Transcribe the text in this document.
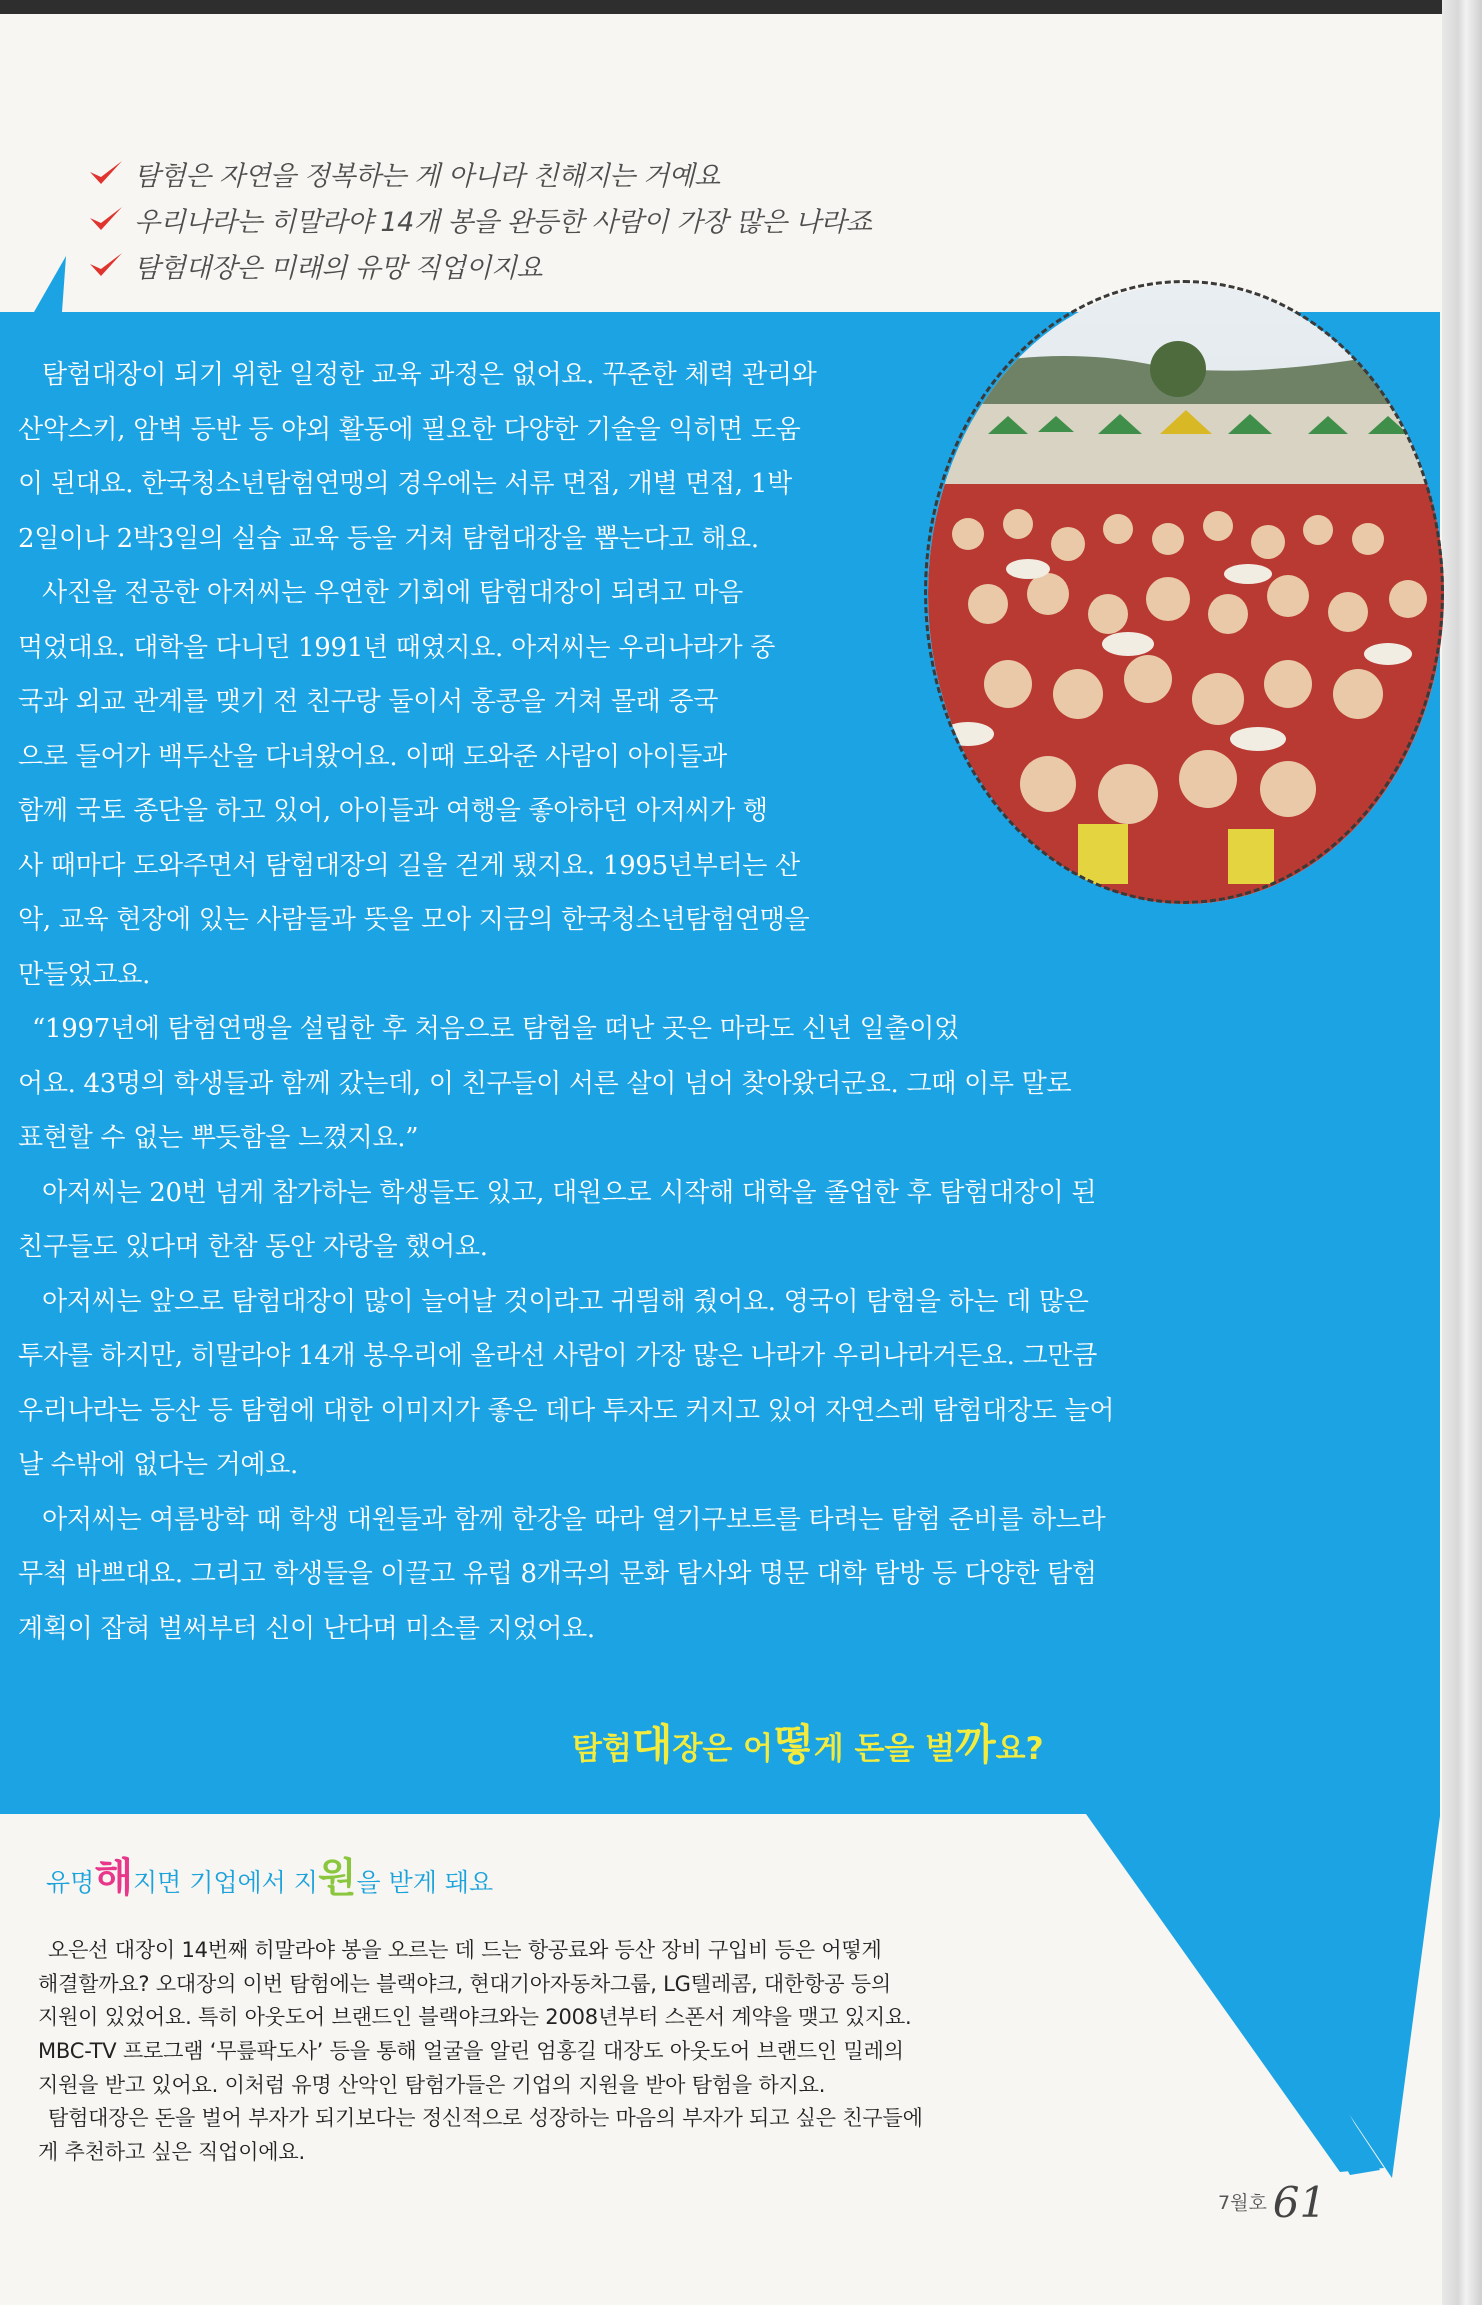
탐험은 자연을 정복하는 게 아니라 친해지는 거예요
우리나라는 히말라야 14개 봉을 완등한 사람이 가장 많은 나라죠
탐험대장은 미래의 유망 직업이지요
탐험대장이 되기 위한 일정한 교육 과정은 없어요. 꾸준한 체력 관리와
산악스키, 암벽 등반 등 야외 활동에 필요한 다양한 기술을 익히면 도움
이 된대요. 한국청소년탐험연맹의 경우에는 서류 면접, 개별 면접, 1박
2일이나 2박3일의 실습 교육 등을 거쳐 탐험대장을 뽑는다고 해요.
사진을 전공한 아저씨는 우연한 기회에 탐험대장이 되려고 마음
먹었대요. 대학을 다니던 1991년 때였지요. 아저씨는 우리나라가 중
국과 외교 관계를 맺기 전 친구랑 둘이서 홍콩을 거쳐 몰래 중국
으로 들어가 백두산을 다녀왔어요. 이때 도와준 사람이 아이들과
함께 국토 종단을 하고 있어, 아이들과 여행을 좋아하던 아저씨가 행
사 때마다 도와주면서 탐험대장의 길을 걷게 됐지요. 1995년부터는 산
악, 교육 현장에 있는 사람들과 뜻을 모아 지금의 한국청소년탐험연맹을
만들었고요.
“1997년에 탐험연맹을 설립한 후 처음으로 탐험을 떠난 곳은 마라도 신년 일출이었
어요. 43명의 학생들과 함께 갔는데, 이 친구들이 서른 살이 넘어 찾아왔더군요. 그때 이루 말로
표현할 수 없는 뿌듯함을 느꼈지요.”
아저씨는 20번 넘게 참가하는 학생들도 있고, 대원으로 시작해 대학을 졸업한 후 탐험대장이 된
친구들도 있다며 한참 동안 자랑을 했어요.
아저씨는 앞으로 탐험대장이 많이 늘어날 것이라고 귀띔해 줬어요. 영국이 탐험을 하는 데 많은
투자를 하지만, 히말라야 14개 봉우리에 올라선 사람이 가장 많은 나라가 우리나라거든요. 그만큼
우리나라는 등산 등 탐험에 대한 이미지가 좋은 데다 투자도 커지고 있어 자연스레 탐험대장도 늘어
날 수밖에 없다는 거예요.
아저씨는 여름방학 때 학생 대원들과 함께 한강을 따라 열기구보트를 타려는 탐험 준비를 하느라
무척 바쁘대요. 그리고 학생들을 이끌고 유럽 8개국의 문화 탐사와 명문 대학 탐방 등 다양한 탐험
계획이 잡혀 벌써부터 신이 난다며 미소를 지었어요.
탐험대장은 어떻게 돈을 벌까요?
유명해지면 기업에서 지원을 받게 돼요
오은선 대장이 14번째 히말라야 봉을 오르는 데 드는 항공료와 등산 장비 구입비 등은 어떻게
해결할까요? 오대장의 이번 탐험에는 블랙야크, 현대기아자동차그룹, LG텔레콤, 대한항공 등의
지원이 있었어요. 특히 아웃도어 브랜드인 블랙야크와는 2008년부터 스폰서 계약을 맺고 있지요.
MBC-TV 프로그램 ‘무릎팍도사’ 등을 통해 얼굴을 알린 엄홍길 대장도 아웃도어 브랜드인 밀레의
지원을 받고 있어요. 이처럼 유명 산악인 탐험가들은 기업의 지원을 받아 탐험을 하지요.
탐험대장은 돈을 벌어 부자가 되기보다는 정신적으로 성장하는 마음의 부자가 되고 싶은 친구들에
게 추천하고 싶은 직업이에요.
7월호 61
